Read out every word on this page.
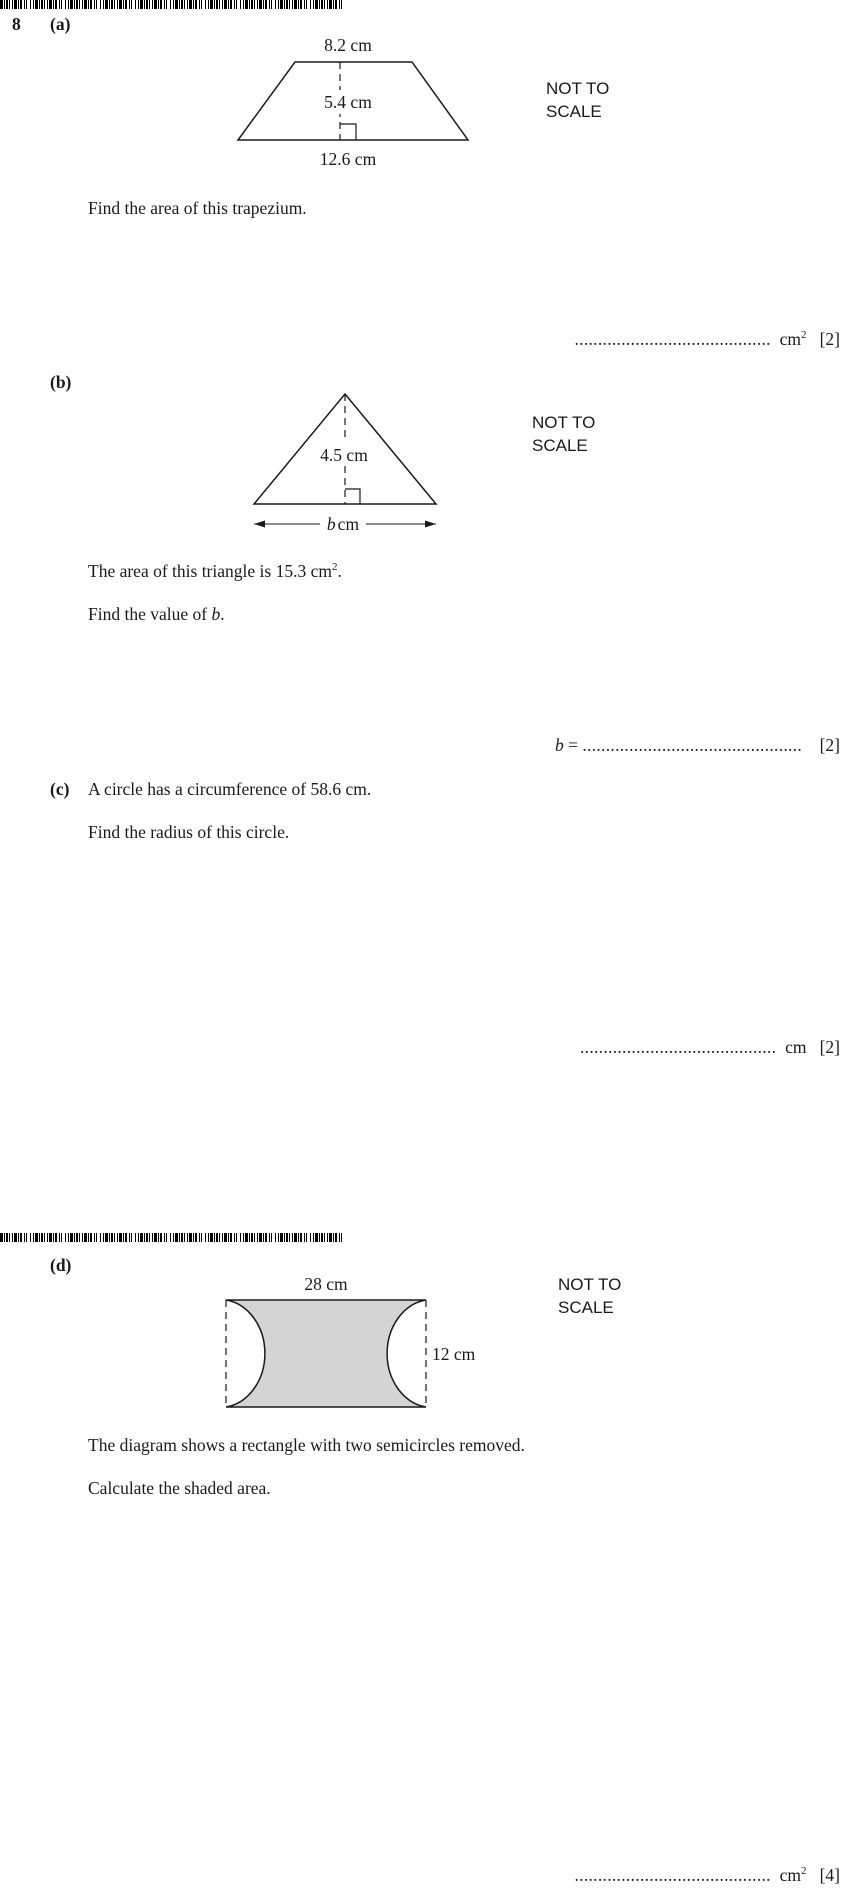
8 (a)
8.2 cm
5.4 cm
12.6 cm
NOT TO
SCALE
Find the area of this trapezium.
.......................................... $cm^2$ [2]
(b)
4.5 cm
b cm
NOT TO
SCALE
The area of this triangle is 15.3 $cm^2$.
Find the value of b.
b = ............................................... [2]
(c) A circle has a circumference of 58.6 cm.
Find the radius of this circle.
.......................................... cm [2]
(d)
28 cm
12 cm
NOT TO
SCALE
The diagram shows a rectangle with two semicircles removed.
Calculate the shaded area.
.......................................... $cm^2$ [4]
